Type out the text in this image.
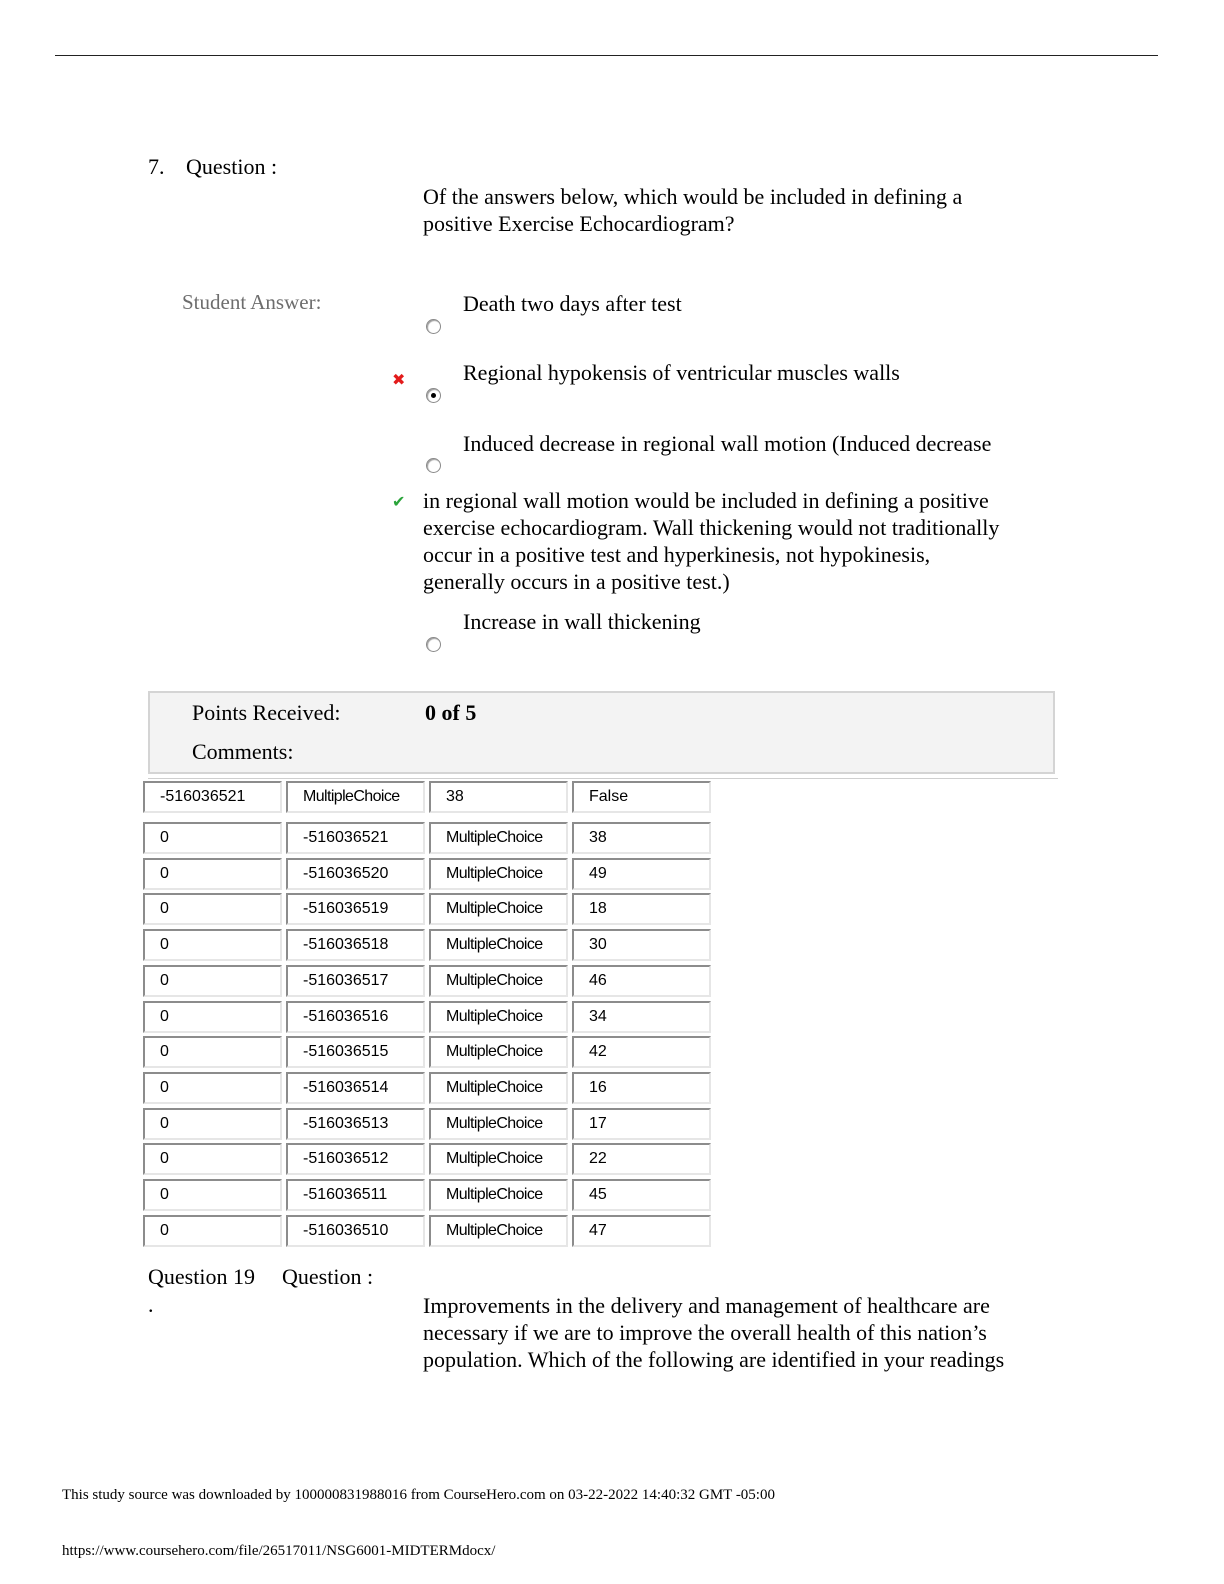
7. Question :
Of the answers below, which would be included in defining a
positive Exercise Echocardiogram?
Student Answer:	Death two days after test
✖	Regional hypokensis of ventricular muscles walls
Induced decrease in regional wall motion (Induced decrease
✔ in regional wall motion would be included in defining a positive
exercise echocardiogram. Wall thickening would not traditionally
occur in a positive test and hyperkinesis, not hypokinesis,
generally occurs in a positive test.)
Increase in wall thickening
Points Received:	0 of 5
Comments:
-516036521	MultipleChoice	38	False
0	-516036521	MultipleChoice	38
0	-516036520	MultipleChoice	49
0	-516036519	MultipleChoice	18
0	-516036518	MultipleChoice	30
0	-516036517	MultipleChoice	46
0	-516036516	MultipleChoice	34
0	-516036515	MultipleChoice	42
0	-516036514	MultipleChoice	16
0	-516036513	MultipleChoice	17
0	-516036512	MultipleChoice	22
0	-516036511	MultipleChoice	45
0	-516036510	MultipleChoice	47
Question 19 Question :
.	Improvements in the delivery and management of healthcare are
necessary if we are to improve the overall health of this nation’s
population. Which of the following are identified in your readings
This study source was downloaded by 100000831988016 from CourseHero.com on 03-22-2022 14:40:32 GMT -05:00
https://www.coursehero.com/file/26517011/NSG6001-MIDTERMdocx/
